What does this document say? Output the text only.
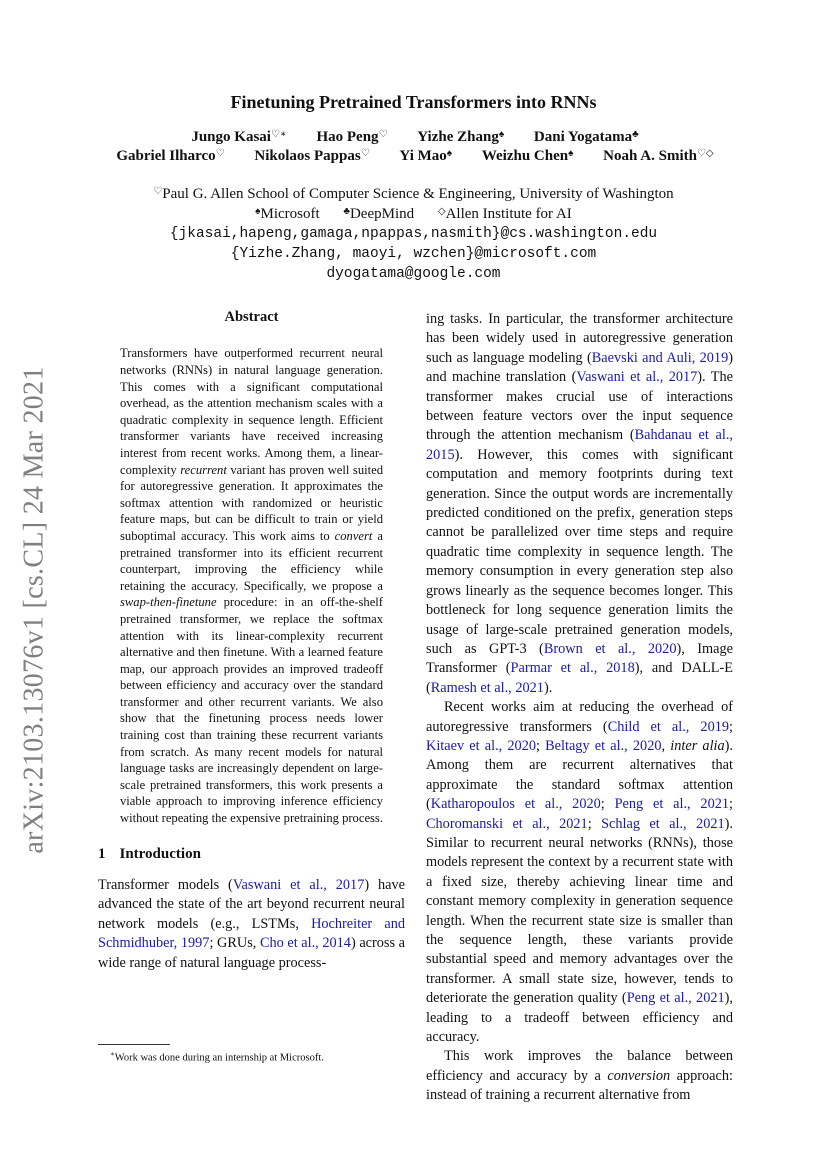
arXiv:2103.13076v1 [cs.CL] 24 Mar 2021
Finetuning Pretrained Transformers into RNNs
Jungo Kasai♡∗ Hao Peng♡ Yizhe Zhang♠ Dani Yogatama♣
Gabriel Ilharco♡ Nikolaos Pappas♡ Yi Mao♠ Weizhu Chen♠ Noah A. Smith♡◇
♡Paul G. Allen School of Computer Science & Engineering, University of Washington
♠Microsoft ♣DeepMind ◇Allen Institute for AI
{jkasai,hapeng,gamaga,npappas,nasmith}@cs.washington.edu
{Yizhe.Zhang, maoyi, wzchen}@microsoft.com
dyogatama@google.com
Abstract
Transformers have outperformed recurrent neural networks (RNNs) in natural language generation. This comes with a significant computational overhead, as the attention mechanism scales with a quadratic complexity in sequence length. Efficient transformer variants have received increasing interest from recent works. Among them, a linear-complexity recurrent variant has proven well suited for autoregressive generation. It approximates the softmax attention with randomized or heuristic feature maps, but can be difficult to train or yield suboptimal accuracy. This work aims to convert a pretrained transformer into its efficient recurrent counterpart, improving the efficiency while retaining the accuracy. Specifically, we propose a swap-then-finetune procedure: in an off-the-shelf pretrained transformer, we replace the softmax attention with its linear-complexity recurrent alternative and then finetune. With a learned feature map, our approach provides an improved tradeoff between efficiency and accuracy over the standard transformer and other recurrent variants. We also show that the finetuning process needs lower training cost than training these recurrent variants from scratch. As many recent models for natural language tasks are increasingly dependent on large-scale pretrained transformers, this work presents a viable approach to improving inference efficiency without repeating the expensive pretraining process.
1 Introduction

Transformer models (Vaswani et al., 2017) have advanced the state of the art beyond recurrent neural network models (e.g., LSTMs, Hochreiter and Schmidhuber, 1997; GRUs, Cho et al., 2014) across a wide range of natural language process-

ing tasks. In particular, the transformer architecture has been widely used in autoregressive generation such as language modeling (Baevski and Auli, 2019) and machine translation (Vaswani et al., 2017). The transformer makes crucial use of interactions between feature vectors over the input sequence through the attention mechanism (Bahdanau et al., 2015). However, this comes with significant computation and memory footprints during text generation. Since the output words are incrementally predicted conditioned on the prefix, generation steps cannot be parallelized over time steps and require quadratic time complexity in sequence length. The memory consumption in every generation step also grows linearly as the sequence becomes longer. This bottleneck for long sequence generation limits the usage of large-scale pretrained generation models, such as GPT-3 (Brown et al., 2020), Image Transformer (Parmar et al., 2018), and DALL-E (Ramesh et al., 2021).

Recent works aim at reducing the overhead of autoregressive transformers (Child et al., 2019; Kitaev et al., 2020; Beltagy et al., 2020, inter alia). Among them are recurrent alternatives that approximate the standard softmax attention (Katharopoulos et al., 2020; Peng et al., 2021; Choromanski et al., 2021; Schlag et al., 2021). Similar to recurrent neural networks (RNNs), those models represent the context by a recurrent state with a fixed size, thereby achieving linear time and constant memory complexity in generation sequence length. When the recurrent state size is smaller than the sequence length, these variants provide substantial speed and memory advantages over the transformer. A small state size, however, tends to deteriorate the generation quality (Peng et al., 2021), leading to a tradeoff between efficiency and accuracy.

This work improves the balance between efficiency and accuracy by a conversion approach: instead of training a recurrent alternative from

∗Work was done during an internship at Microsoft.
